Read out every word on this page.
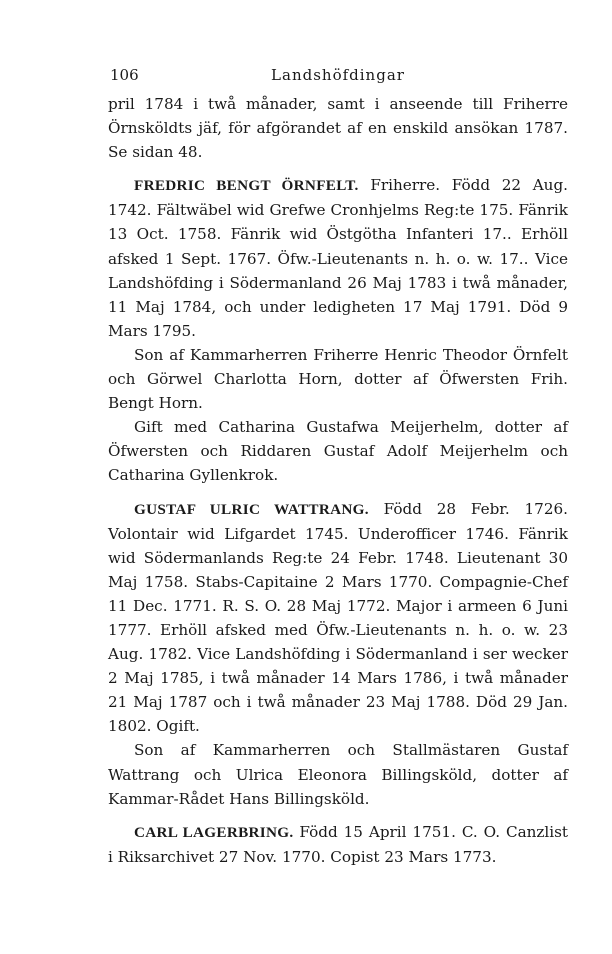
106	Landshöfdingar

pril 1784 i twå månader, samt i anseende till Friherre Örnsköldts jäf, för afgörandet af en enskild ansökan 1787. Se sidan 48.

FREDRIC BENGT ÖRNFELT. Friherre. Född 22 Aug. 1742. Fältwäbel wid Grefwe Cronhjelms Reg:te 175. Fänrik 13 Oct. 1758. Fänrik wid Östgötha Infanteri 17.. Erhöll afsked 1 Sept. 1767. Öfw.-Lieutenants n. h. o. w. 17.. Vice Landshöfding i Södermanland 26 Maj 1783 i twå månader, 11 Maj 1784, och under ledigheten 17 Maj 1791. Död 9 Mars 1795.

Son af Kammarherren Friherre Henric Theodor Örnfelt och Görwel Charlotta Horn, dotter af Öfwersten Frih. Bengt Horn.

Gift med Catharina Gustafwa Meijerhelm, dotter af Öfwersten och Riddaren Gustaf Adolf Meijerhelm och Catharina Gyllenkrok.

GUSTAF ULRIC WATTRANG. Född 28 Febr. 1726. Volontair wid Lifgardet 1745. Underofficer 1746. Fänrik wid Södermanlands Reg:te 24 Febr. 1748. Lieutenant 30 Maj 1758. Stabs-Capitaine 2 Mars 1770. Compagnie-Chef 11 Dec. 1771. R. S. O. 28 Maj 1772. Major i armeen 6 Juni 1777. Erhöll afsked med Öfw.-Lieutenants n. h. o. w. 23 Aug. 1782. Vice Landshöfding i Södermanland i ser wecker 2 Maj 1785, i twå månader 14 Mars 1786, i twå månader 21 Maj 1787 och i twå månader 23 Maj 1788. Död 29 Jan. 1802. Ogift.

Son af Kammarherren och Stallmästaren Gustaf Wattrang och Ulrica Eleonora Billingsköld, dotter af Kammar-Rådet Hans Billingsköld.

CARL LAGERBRING. Född 15 April 1751. C. O. Canzlist i Riksarchivet 27 Nov. 1770. Copist 23 Mars 1773.
